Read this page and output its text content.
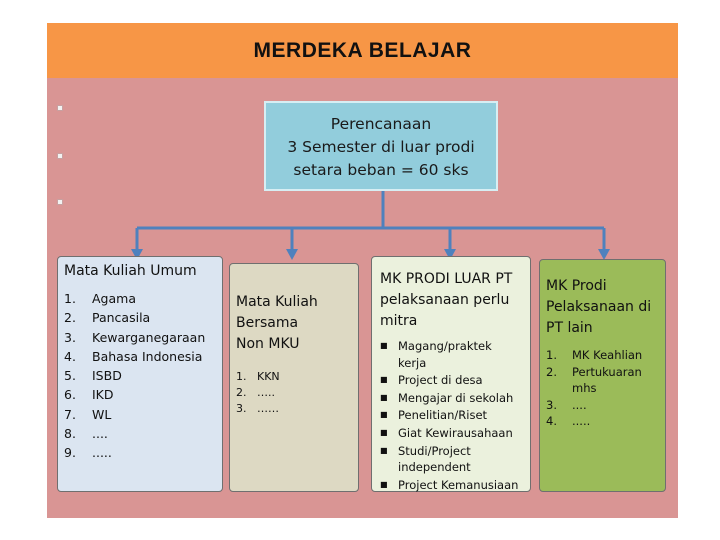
MERDEKA BELAJAR
Perencanaan
3 Semester di luar prodi
setara beban = 60 sks
Mata Kuliah Umum
1.	Agama
2.	Pancasila
3.	Kewarganegaraan
4.	Bahasa Indonesia
5.	ISBD
6.	IKD
7.	WL
8.	....
9.	.....
Mata Kuliah
Bersama
Non MKU
1. KKN
2. …..
3. ……
MK PRODI LUAR PT
pelaksanaan perlu
mitra
■ Magang/praktek kerja
■ Project di desa
■ Mengajar di sekolah
■ Penelitian/Riset
■ Giat Kewirausahaan
■ Studi/Project independent
■ Project Kemanusiaan
MK Prodi
Pelaksanaan di
PT lain
1.	MK Keahlian
2.	Pertukuaran mhs
3.	....
4.	.....
